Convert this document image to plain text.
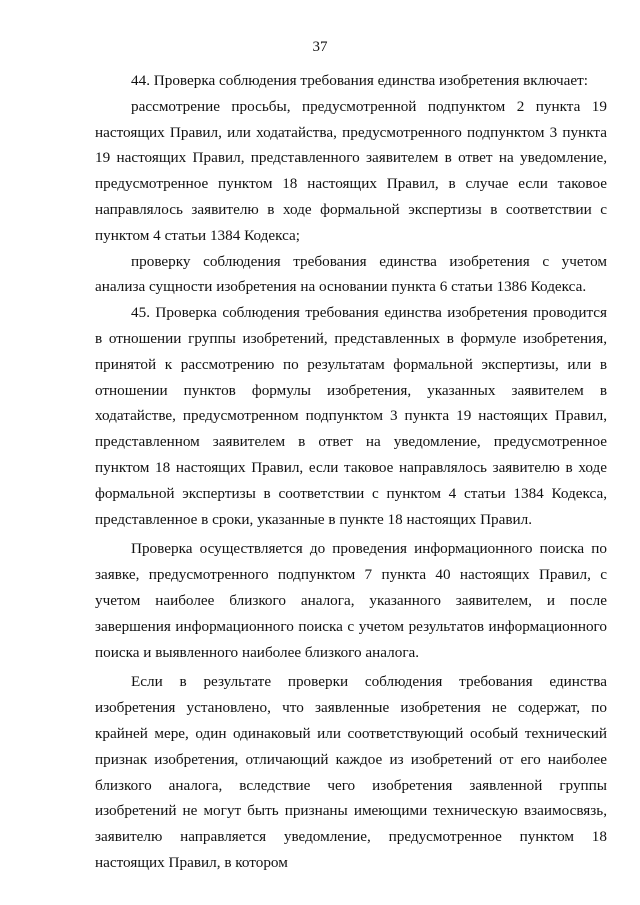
37

44. Проверка соблюдения требования единства изобретения включает:

рассмотрение просьбы, предусмотренной подпунктом 2 пункта 19 настоящих Правил, или ходатайства, предусмотренного подпунктом 3 пункта 19 настоящих Правил, представленного заявителем в ответ на уведомление, предусмотренное пунктом 18 настоящих Правил, в случае если таковое направлялось заявителю в ходе формальной экспертизы в соответствии с пунктом 4 статьи 1384 Кодекса;

проверку соблюдения требования единства изобретения с учетом анализа сущности изобретения на основании пункта 6 статьи 1386 Кодекса.

45. Проверка соблюдения требования единства изобретения проводится в отношении группы изобретений, представленных в формуле изобретения, принятой к рассмотрению по результатам формальной экспертизы, или в отношении пунктов формулы изобретения, указанных заявителем в ходатайстве, предусмотренном подпунктом 3 пункта 19 настоящих Правил, представленном заявителем в ответ на уведомление, предусмотренное пунктом 18 настоящих Правил, если таковое направлялось заявителю в ходе формальной экспертизы в соответствии с пунктом 4 статьи 1384 Кодекса, представленное в сроки, указанные в пункте 18 настоящих Правил.

Проверка осуществляется до проведения информационного поиска по заявке, предусмотренного подпунктом 7 пункта 40 настоящих Правил, с учетом наиболее близкого аналога, указанного заявителем, и после завершения информационного поиска с учетом результатов информационного поиска и выявленного наиболее близкого аналога.

Если в результате проверки соблюдения требования единства изобретения установлено, что заявленные изобретения не содержат, по крайней мере, один одинаковый или соответствующий особый технический признак изобретения, отличающий каждое из изобретений от его наиболее близкого аналога, вследствие чего изобретения заявленной группы изобретений не могут быть признаны имеющими техническую взаимосвязь, заявителю направляется уведомление, предусмотренное пунктом 18 настоящих Правил, в котором
